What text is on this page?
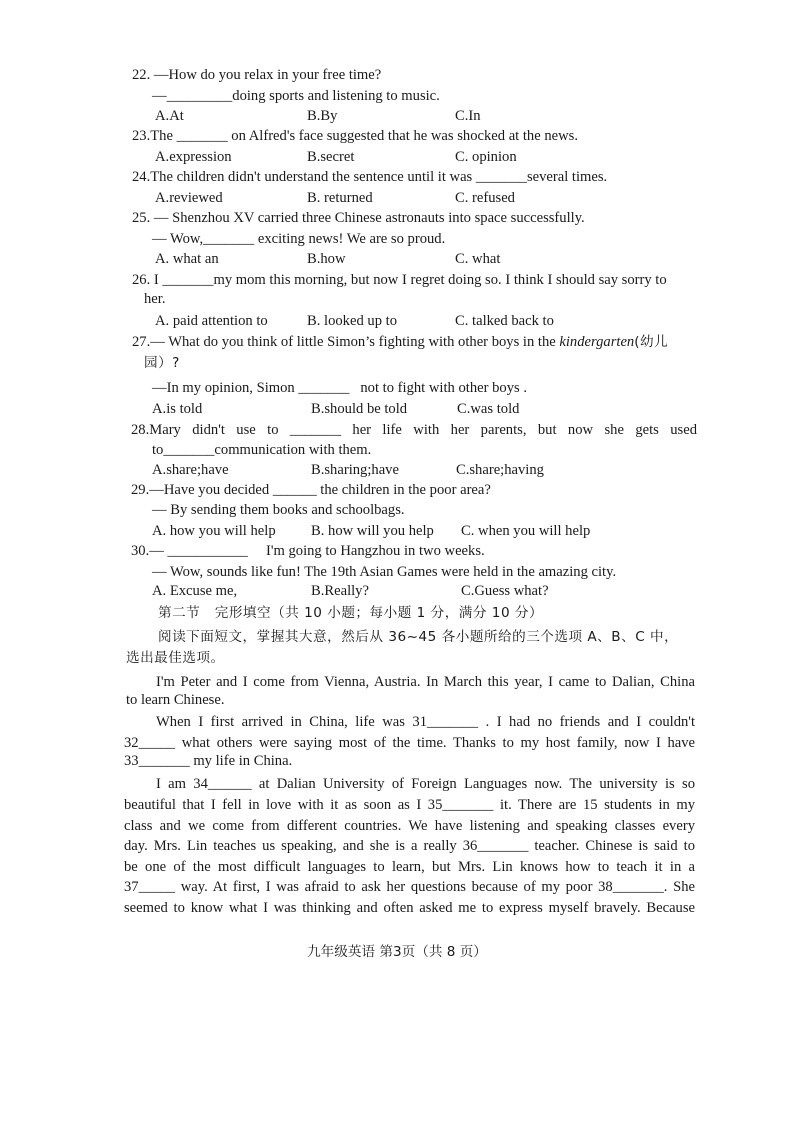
22. —How do you relax in your free time?
—_________doing sports and listening to music.
A.At	B.By	C.In
23.The _______ on Alfred's face suggested that he was shocked at the news.
A.expression	B.secret	C. opinion
24.The children didn't understand the sentence until it was _______several times.
A.reviewed	B. returned	C. refused
25. — Shenzhou XV carried three Chinese astronauts into space successfully.
— Wow,_______ exciting news! We are so proud.
A. what an	B.how	C. what
26. I _______my mom this morning, but now I regret doing so. I think I should say sorry to
her.
A. paid attention to	B. looked up to	C. talked back to
27.— What do you think of little Simon’s fighting with other boys in the kindergarten(幼儿
园）?
—In my opinion, Simon _______   not to fight with other boys .
A.is told	B.should be told	C.was told
28.Mary didn't use to _______ her life with her parents, but now she gets used
to_______communication with them.
A.share;have	B.sharing;have	C.share;having
29.—Have you decided ______ the children in the poor area?
— By sending them books and schoolbags.
A. how you will help B. how will you help C. when you will help
30.— ___________     I'm going to Hangzhou in two weeks.
— Wow, sounds like fun! The 19th Asian Games were held in the amazing city.
A. Excuse me,	B.Really?	C.Guess what?
第二节   完形填空（共 10 小题；每小题 1 分，满分 10 分）
阅读下面短文，掌握其大意，然后从 36~45 各小题所给的三个选项 A、B、C 中，
选出最佳选项。
I'm Peter and I come from Vienna, Austria. In March this year, I came to Dalian, China
to learn Chinese.
When I first arrived in China, life was 31_______ . I had no friends and I couldn't
32_____ what others were saying most of the time. Thanks to my host family, now I have
33_______ my life in China.
I am 34______ at Dalian University of Foreign Languages now. The university is so
beautiful that I fell in love with it as soon as I 35_______ it. There are 15 students in my
class and we come from different countries. We have listening and speaking classes every
day. Mrs. Lin teaches us speaking, and she is a really 36_______ teacher. Chinese is said to
be one of the most difficult languages to learn, but Mrs. Lin knows how to teach it in a
37_____ way. At first, I was afraid to ask her questions because of my poor 38_______. She
seemed to know what I was thinking and often asked me to express myself bravely. Because
九年级英语 第3页（共 8 页）
